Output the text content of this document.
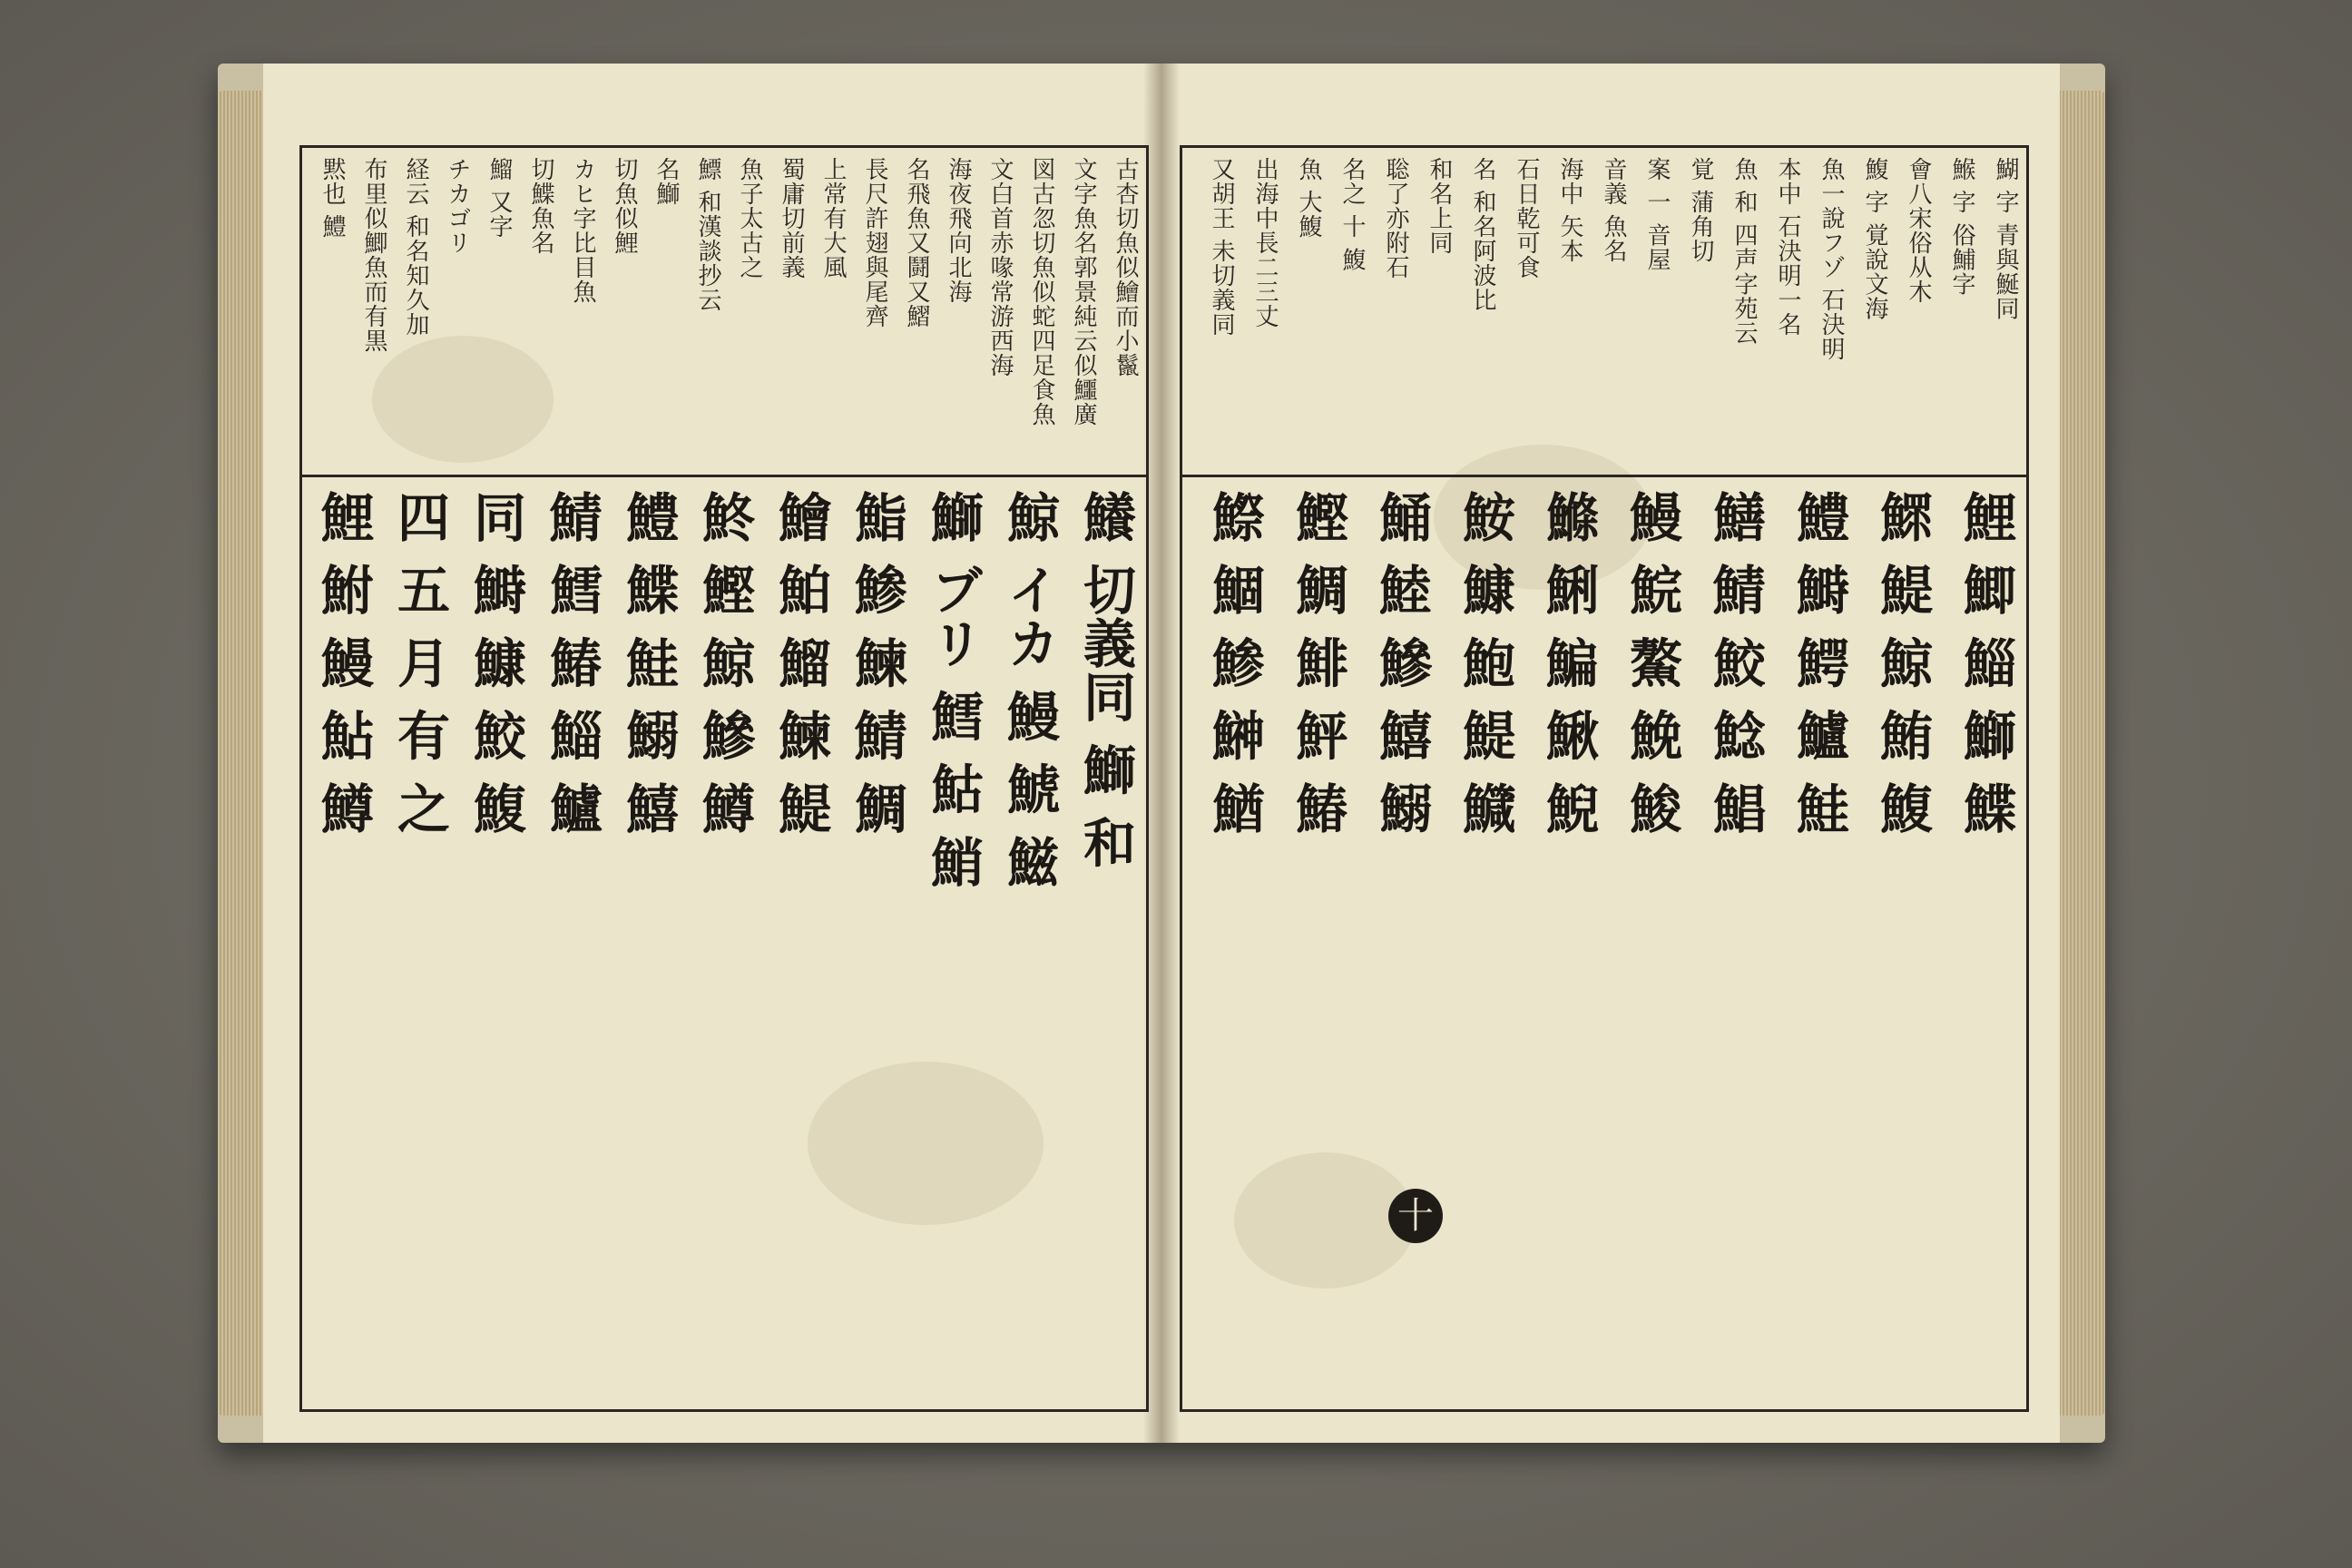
古杏切魚似鱠而小鬣
文字魚名郭景純云似鱷廣
図古忽切魚似蛇四足食魚
文白首赤喙常游西海
海夜飛向北海
名飛魚又鬪又鰼
長尺許翅與尾齊
上常有大風
蜀庸切前義
魚子太古之
鰾 和漢談抄云
名鰤
切魚似鯉
カヒ字比目魚
切鰈魚名
鰡 又字
チカゴリ
経云 和名知久加
布里似鯽魚而有黒
黙也 鱧
鱶 切義同 鰤 和
鯨 イカ 鰻 鯱 鰦
鰤 ブリ 鱈 鮕 鮹
鮨 鯵 鰊 鯖 鯛
鱠 鮊 鰡 鰊 鯷
鮗 鰹 鯨 鰺 鱒
鱧 鰈 鮭 鰯 鱚
鯖 鱈 鰆 鯔 鱸
同 鰣 鱇 鮫 鰒
四 五 月 有 之
鯉 鮒 鰻 鮎 鱒
鰗 字 青與鯅同
鯸 字 俗鯆字
會八宋俗从木
鰒 字 覚說文海
魚一說フゾ 石決明
本中 石決明一名
魚 和 四声字苑云
覚 蒲角切
案 一 音屋
音義 魚名
海中 矢本
石日乾可食
名 和名阿波比
和名上同
聡了亦附石
名之 十 鰒
魚 大鰒
出海中長二三丈
又胡王 未切義同
鯉 鯽 鯔 鰤 鰈
鰥 鯷 鯨 鮪 鰒
鱧 鰣 鰐 鱸 鮭
鱔 鯖 鮫 鯰 鯧
鰻 鯇 鰲 鮸 鮻
鰷 鯏 鯿 鰍 鯢
鮟 鱇 鮑 鯷 鱵
鯒 鯥 鰺 鱚 鰯
鰹 鯛 鯡 鮃 鰆
鰶 鯝 鯵 鰰 鰌
十
